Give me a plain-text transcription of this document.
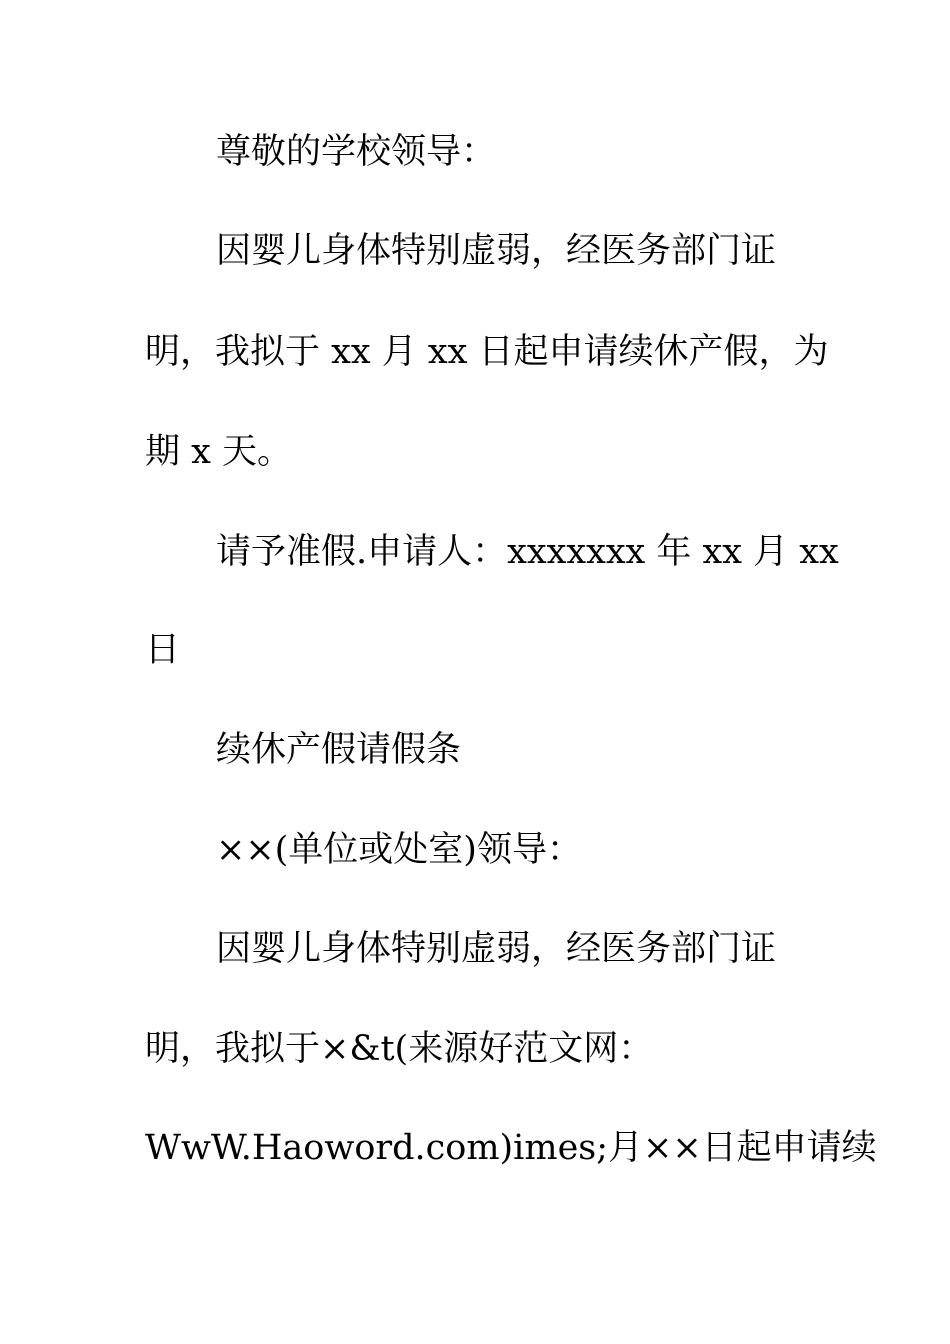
尊敬的学校领导：
因婴儿身体特别虚弱，经医务部门证
明，我拟于 xx 月 xx 日起申请续休产假，为
期 x 天。
请予准假.申请人：xxxxxxx 年 xx 月 xx
日
续休产假请假条
××(单位或处室)领导：
因婴儿身体特别虚弱，经医务部门证
明，我拟于×&t(来源好范文网：
WwW.Haoword.com)imes;月××日起申请续
